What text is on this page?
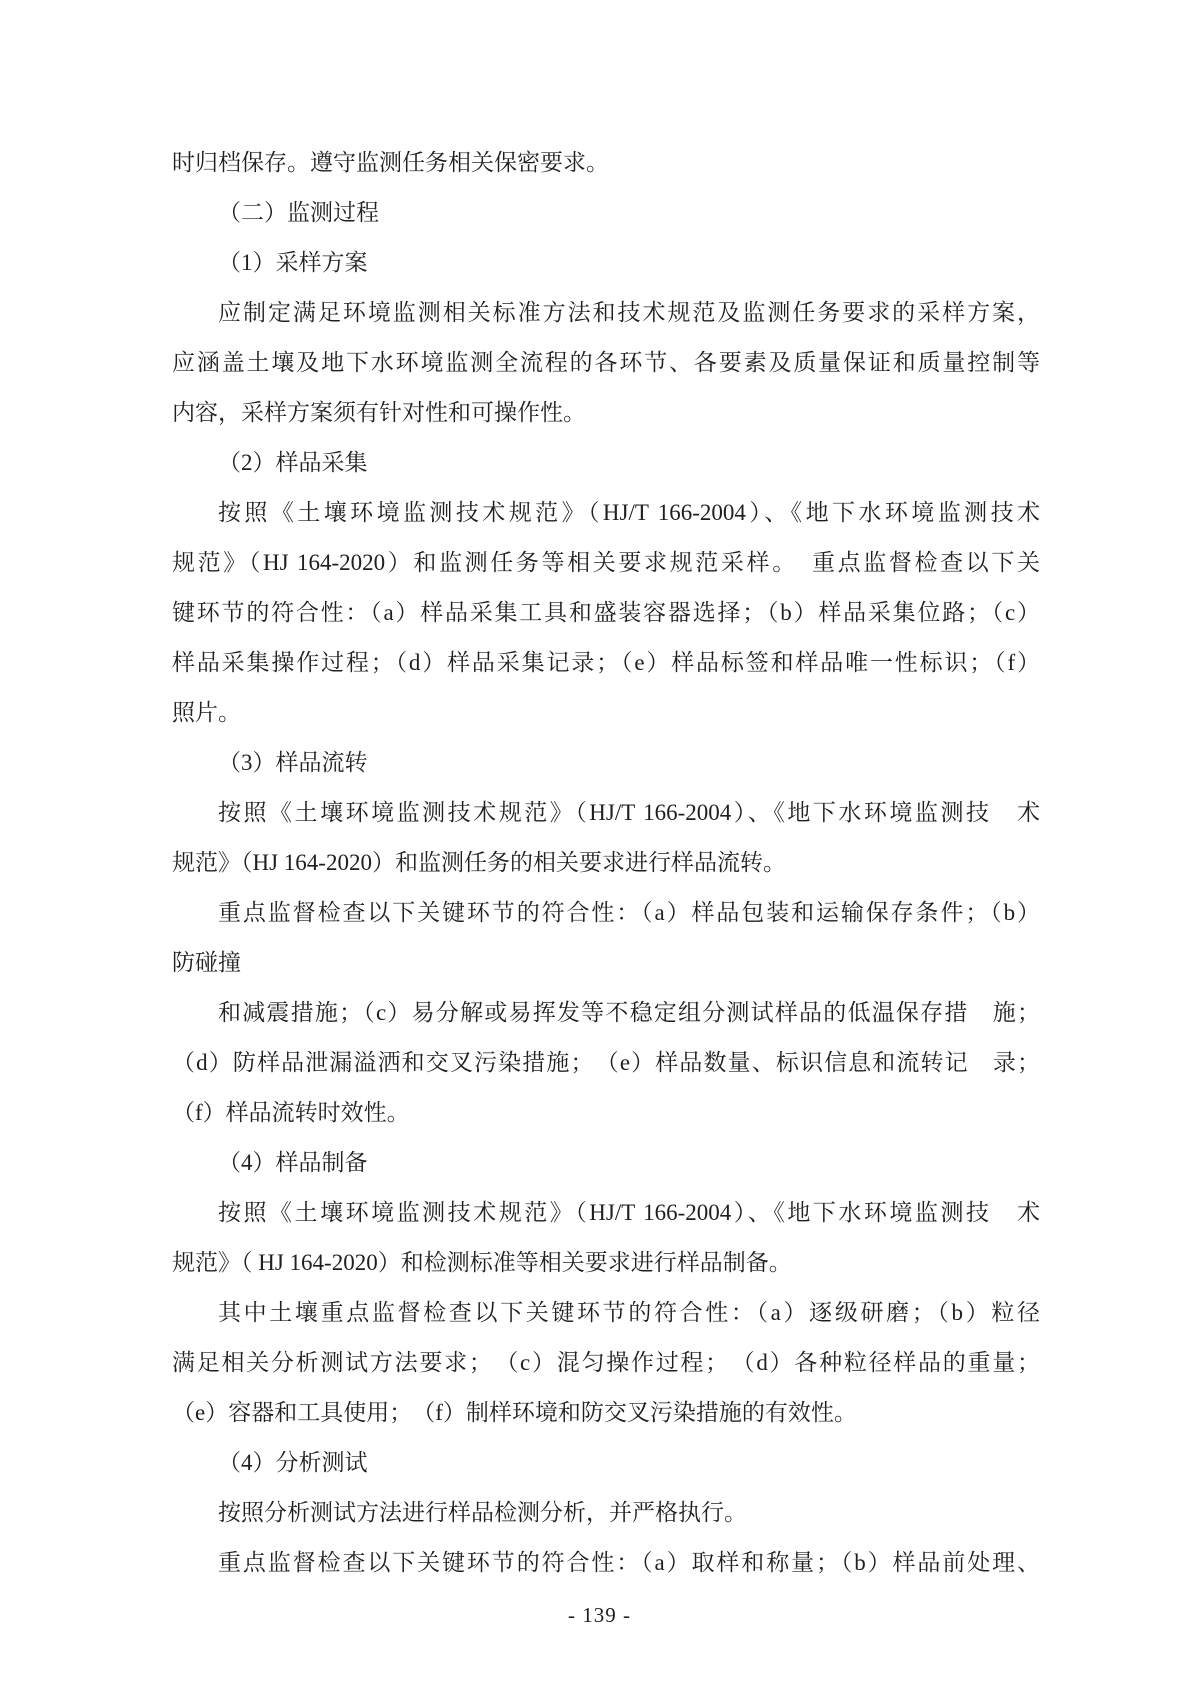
时归档保存。遵守监测任务相关保密要求。
（二）监测过程
（1）采样方案
应制定满足环境监测相关标准方法和技术规范及监测任务要求的采样方案，
应涵盖土壤及地下水环境监测全流程的各环节、各要素及质量保证和质量控制等
内容，采样方案须有针对性和可操作性。
（2）样品采集
按照《土壤环境监测技术规范》（HJ/T 166-2004）、《地下水环境监测技术
规范》（HJ 164-2020）和监测任务等相关要求规范采样。　重点监督检查以下关
键环节的符合性：（a）样品采集工具和盛装容器选择；（b）样品采集位路；（c）
样品采集操作过程；（d）样品采集记录；（e）样品标签和样品唯一性标识；（f）
照片。
（3）样品流转
按照《土壤环境监测技术规范》（HJ/T 166-2004）、《地下水环境监测技　术
规范》（HJ 164-2020）和监测任务的相关要求进行样品流转。
重点监督检查以下关键环节的符合性：（a）样品包装和运输保存条件；（b）
防碰撞
和减震措施；（c）易分解或易挥发等不稳定组分测试样品的低温保存措　施；
（d）防样品泄漏溢洒和交叉污染措施；　（e）样品数量、标识信息和流转记　录；
（f）样品流转时效性。
（4）样品制备
按照《土壤环境监测技术规范》（HJ/T 166-2004）、《地下水环境监测技　术
规范》（ HJ 164-2020）和检测标准等相关要求进行样品制备。
其中土壤重点监督检查以下关键环节的符合性：（a）逐级研磨；（b）粒径
满足相关分析测试方法要求；　（c）混匀操作过程；　（d）各种粒径样品的重量；
（e）容器和工具使用；　（f）制样环境和防交叉污染措施的有效性。
（4）分析测试
按照分析测试方法进行样品检测分析，并严格执行。
重点监督检查以下关键环节的符合性：（a）取样和称量；（b）样品前处理、
- 139 -
